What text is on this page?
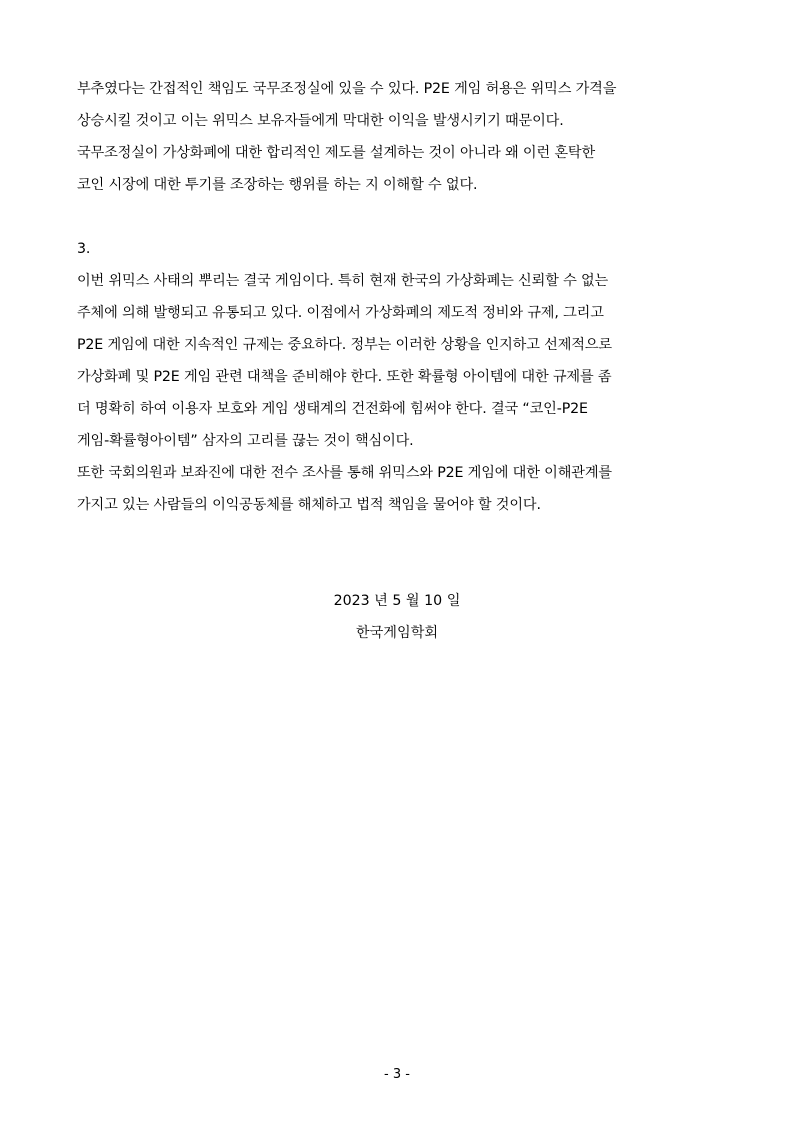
부추였다는 간접적인 책임도 국무조정실에 있을 수 있다. P2E 게임 허용은 위믹스 가격을
상승시킬 것이고 이는 위믹스 보유자들에게 막대한 이익을 발생시키기 때문이다.
국무조정실이 가상화폐에 대한 합리적인 제도를 설계하는 것이 아니라 왜 이런 혼탁한
코인 시장에 대한 투기를 조장하는 행위를 하는 지 이해할 수 없다.
3.
이번 위믹스 사태의 뿌리는 결국 게임이다. 특히 현재 한국의 가상화폐는 신뢰할 수 없는
주체에 의해 발행되고 유통되고 있다. 이점에서 가상화폐의 제도적 정비와 규제, 그리고
P2E 게임에 대한 지속적인 규제는 중요하다. 정부는 이러한 상황을 인지하고 선제적으로
가상화폐 및 P2E 게임 관련 대책을 준비해야 한다. 또한 확률형 아이템에 대한 규제를 좀
더 명확히 하여 이용자 보호와 게임 생태계의 건전화에 힘써야 한다. 결국 “코인-P2E
게임-확률형아이템” 삼자의 고리를 끊는 것이 핵심이다.
또한 국회의원과 보좌진에 대한 전수 조사를 통해 위믹스와 P2E 게임에 대한 이해관계를
가지고 있는 사람들의 이익공동체를 해체하고 법적 책임을 물어야 할 것이다.
2023 년 5 월 10 일
한국게임학회
- 3 -
